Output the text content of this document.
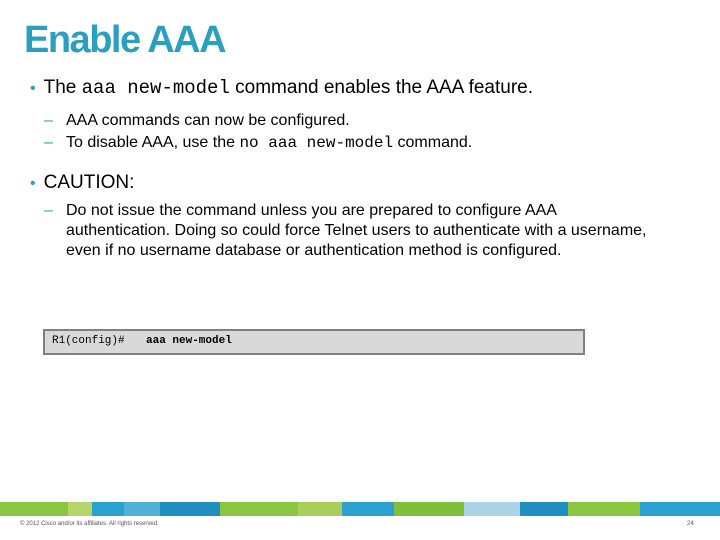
Enable AAA
• The aaa new-model command enables the AAA feature.
– AAA commands can now be configured.
– To disable AAA, use the no aaa new-model command.
• CAUTION:
– Do not issue the command unless you are prepared to configure AAA authentication. Doing so could force Telnet users to authenticate with a username, even if no username database or authentication method is configured.
R1(config)# aaa new-model
© 2012 Cisco and/or its affiliates. All rights reserved.	24
